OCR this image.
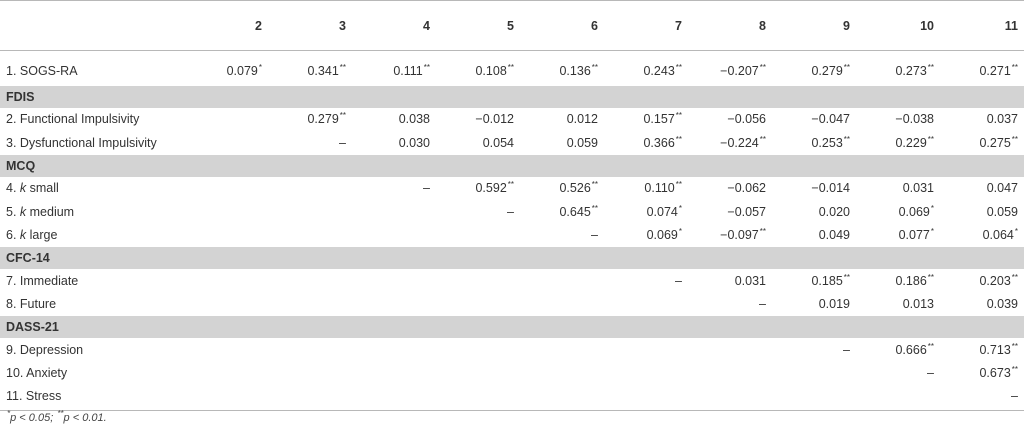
	2	3	4	5	6	7	8	9	10	11
1. SOGS-RA	0.079*	0.341**	0.111**	0.108**	0.136**	0.243**	−0.207**	0.279**	0.273**	0.271**
FDIS										
2. Functional Impulsivity		0.279**	0.038	−0.012	0.012	0.157**	−0.056	−0.047	−0.038	0.037
3. Dysfunctional Impulsivity		–	0.030	0.054	0.059	0.366**	−0.224**	0.253**	0.229**	0.275**
MCQ										
4. k small			–	0.592**	0.526**	0.110**	−0.062	−0.014	0.031	0.047
5. k medium				–	0.645**	0.074*	−0.057	0.020	0.069*	0.059
6. k large					–	0.069*	−0.097**	0.049	0.077*	0.064*
CFC-14										
7. Immediate						–	0.031	0.185**	0.186**	0.203**
8. Future							–	0.019	0.013	0.039
DASS-21										
9. Depression								–	0.666**	0.713**
10. Anxiety									–	0.673**
11. Stress										–
*p < 0.05; **p < 0.01.
